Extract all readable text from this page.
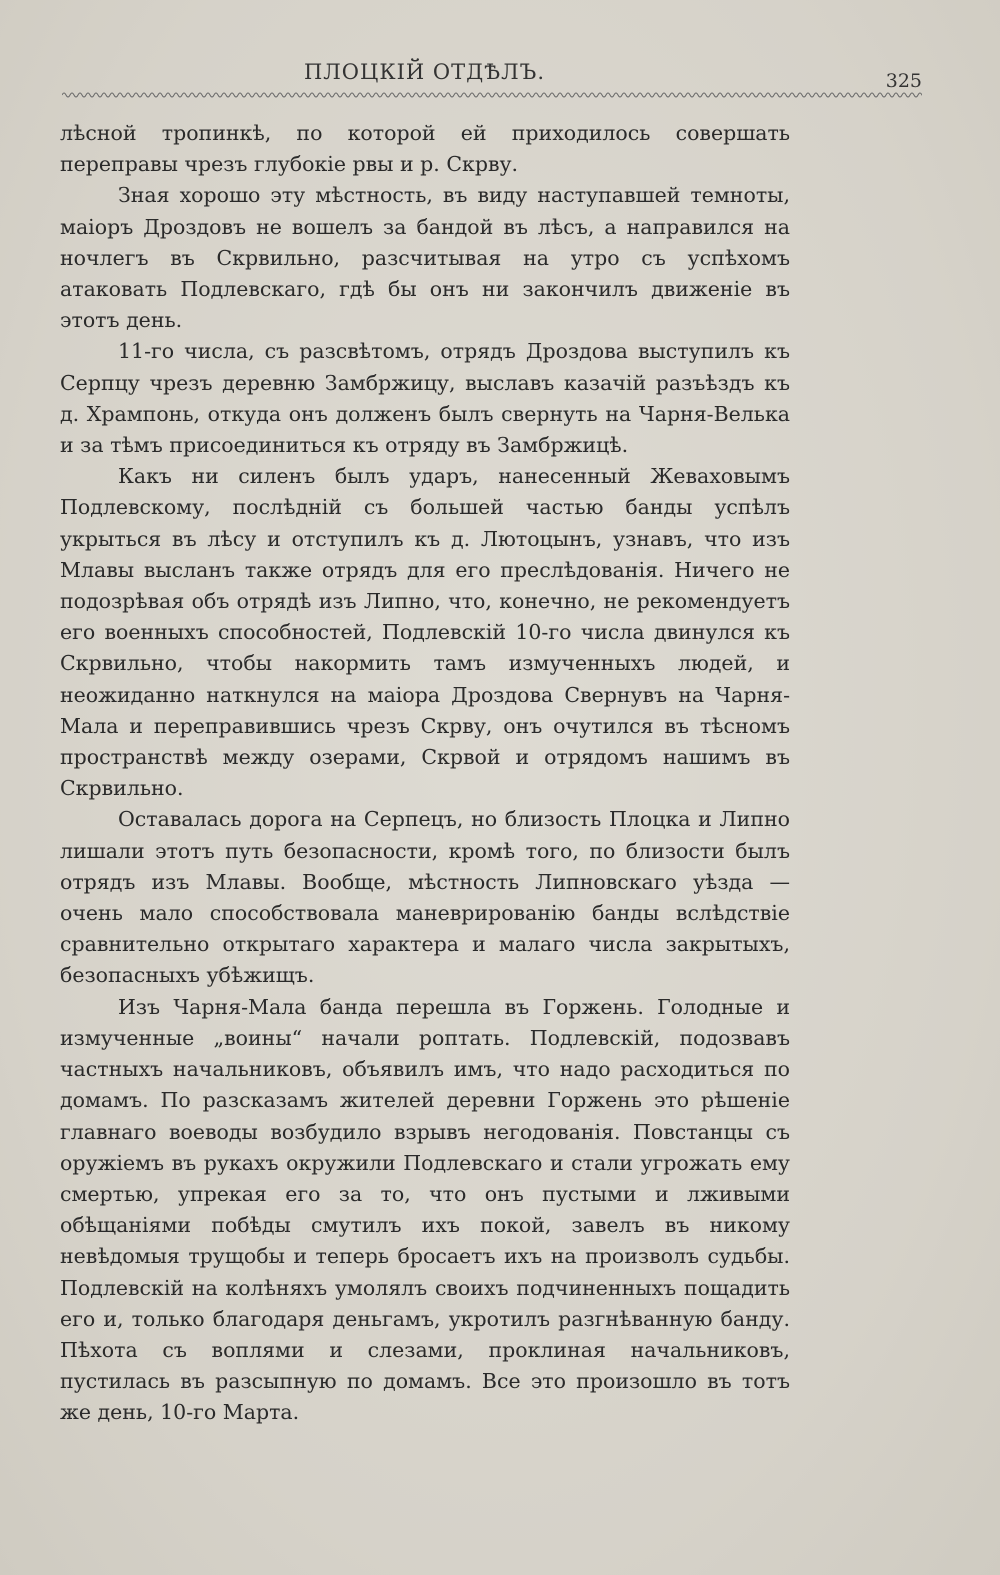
ПЛОЦКІЙ ОТДѢЛЪ.	325

лѣсной тропинкѣ, по которой ей приходилось совершать переправы чрезъ глубокіе рвы и р. Скрву.

Зная хорошо эту мѣстность, въ виду наступавшей темноты, маіоръ Дроздовъ не вошелъ за бандой въ лѣсъ, а направился на ночлегъ въ Скрвильно, разсчитывая на утро съ успѣхомъ атаковать Подлевскаго, гдѣ бы онъ ни закончилъ движеніе въ этотъ день.

11-го числа, съ разсвѣтомъ, отрядъ Дроздова выступилъ къ Серпцу чрезъ деревню Замбржицу, выславъ казачій разъѣздъ къ д. Хрампонь, откуда онъ долженъ былъ свернуть на Чарня-Велька и за тѣмъ присоединиться къ отряду въ Замбржицѣ.

Какъ ни силенъ былъ ударъ, нанесенный Жеваховымъ Подлевскому, послѣдній съ большей частью банды успѣлъ укрыться въ лѣсу и отступилъ къ д. Лютоцынъ, узнавъ, что изъ Млавы высланъ также отрядъ для его преслѣдованія. Ничего не подозрѣвая объ отрядѣ изъ Липно, что, конечно, не рекомендуетъ его военныхъ способностей, Подлевскій 10-го числа двинулся къ Скрвильно, чтобы накормить тамъ измученныхъ людей, и неожиданно наткнулся на маіора Дроздова Свернувъ на Чарня-Мала и переправившись чрезъ Скрву, онъ очутился въ тѣсномъ пространствѣ между озерами, Скрвой и отрядомъ нашимъ въ Скрвильно.

Оставалась дорога на Серпецъ, но близость Плоцка и Липно лишали этотъ путь безопасности, кромѣ того, по близости былъ отрядъ изъ Млавы. Вообще, мѣстность Липновскаго уѣзда — очень мало способствовала маневрированію банды вслѣдствіе сравнительно открытаго характера и малаго числа закрытыхъ, безопасныхъ убѣжищъ.

Изъ Чарня-Мала банда перешла въ Горжень. Голодные и измученные „воины“ начали роптать. Подлевскій, подозвавъ частныхъ начальниковъ, объявилъ имъ, что надо расходиться по домамъ. По разсказамъ жителей деревни Горжень это рѣшеніе главнаго воеводы возбудило взрывъ негодованія. Повстанцы съ оружіемъ въ рукахъ окружили Подлевскаго и стали угрожать ему смертью, упрекая его за то, что онъ пустыми и лживыми обѣщаніями побѣды смутилъ ихъ покой, завелъ въ никому невѣдомыя трущобы и теперь бросаетъ ихъ на произволъ судьбы. Подлевскій на колѣняхъ умолялъ своихъ подчиненныхъ пощадить его и, только благодаря деньгамъ, укротилъ разгнѣванную банду. Пѣхота съ воплями и слезами, проклиная начальниковъ, пустилась въ разсыпную по домамъ. Все это произошло въ тотъ же день, 10-го Марта.
